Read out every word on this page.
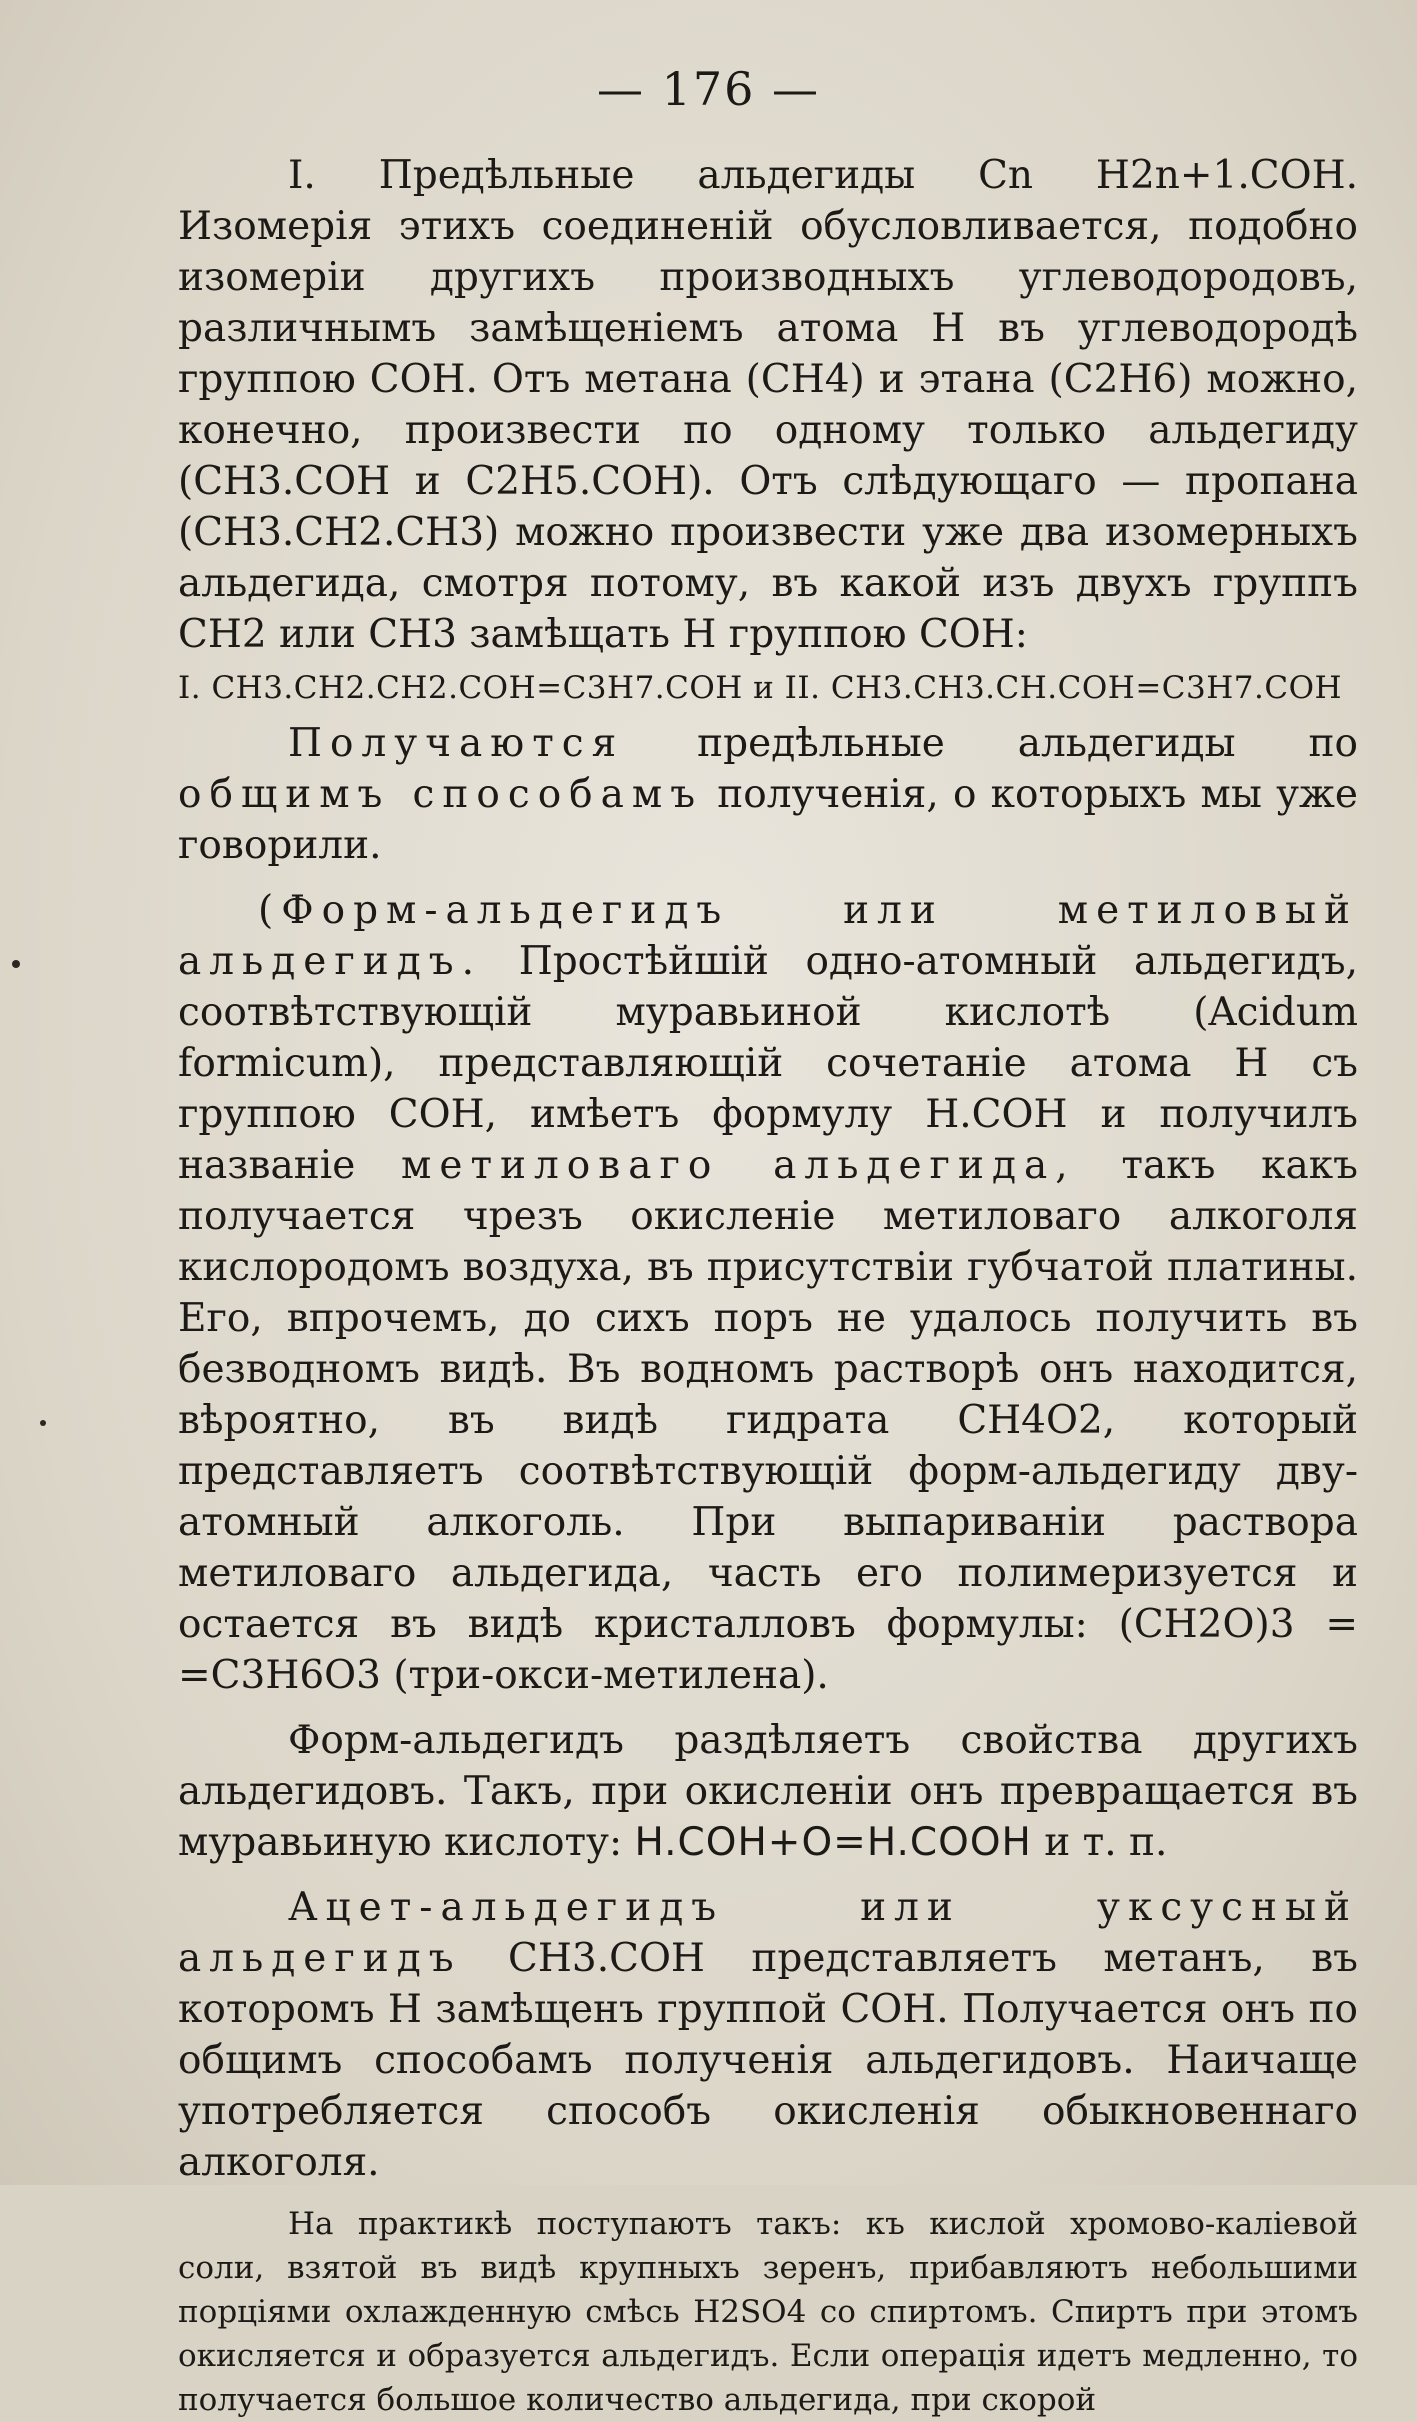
— 176 —

I. Предѣльные альдегиды Cn H2n+1.COH. Изомерія этихъ соединеній обусловливается, подобно изомеріи другихъ производныхъ углеводородовъ, различнымъ замѣщеніемъ атома H въ углеводородѣ группою COH. Отъ метана (CH4) и этана (C2H6) можно, конечно, произвести по одному только альдегиду (CH3.COH и C2H5.COH). Отъ слѣдующаго — пропана (CH3.CH2.CH3) можно произвести уже два изомерныхъ альдегида, смотря потому, въ какой изъ двухъ группъ CH2 или CH3 замѣщать H группою COH:

I. CH3.CH2.CH2.COH=C3H7.COH и II. CH3.CH3.CH.COH=C3H7.COH

Получаются предѣльные альдегиды по общимъ способамъ полученія, о которыхъ мы уже говорили.

(Форм-альдегидъ или метиловый альдегидъ. Простѣйшій одно-атомный альдегидъ, соотвѣтствующій муравьиной кислотѣ (Acidum formicum), представляющій сочетаніе атома H съ группою COH, имѣетъ формулу H.COH и получилъ названіе метиловаго альдегида, такъ какъ получается чрезъ окисленіе метиловаго алкоголя кислородомъ воздуха, въ присутствіи губчатой платины. Его, впрочемъ, до сихъ поръ не удалось получить въ безводномъ видѣ. Въ водномъ растворѣ онъ находится, вѣроятно, въ видѣ гидрата CH4O2, который представляетъ соотвѣтствующій форм-альдегиду дву-атомный алкоголь. При выпариваніи раствора метиловаго альдегида, часть его полимеризуется и остается въ видѣ кристалловъ формулы: (CH2O)3 = =C3H6O3 (три-окси-метилена).

Форм-альдегидъ раздѣляетъ свойства другихъ альдегидовъ. Такъ, при окисленіи онъ превращается въ муравьиную кислоту: H.COH+O=H.COOH и т. п.

Ацет-альдегидъ или уксусный альдегидъ CH3.COH представляетъ метанъ, въ которомъ H замѣщенъ группой COH. Получается онъ по общимъ способамъ полученія альдегидовъ. Наичаще употребляется способъ окисленія обыкновеннаго алкоголя.

На практикѣ поступаютъ такъ: къ кислой хромово-каліевой соли, взятой въ видѣ крупныхъ зеренъ, прибавляютъ небольшими порціями охлажденную смѣсь H2SO4 со спиртомъ. Спиртъ при этомъ окисляется и образуется альдегидъ. Если операція идетъ медленно, то получается большое количество альдегида, при скорой
